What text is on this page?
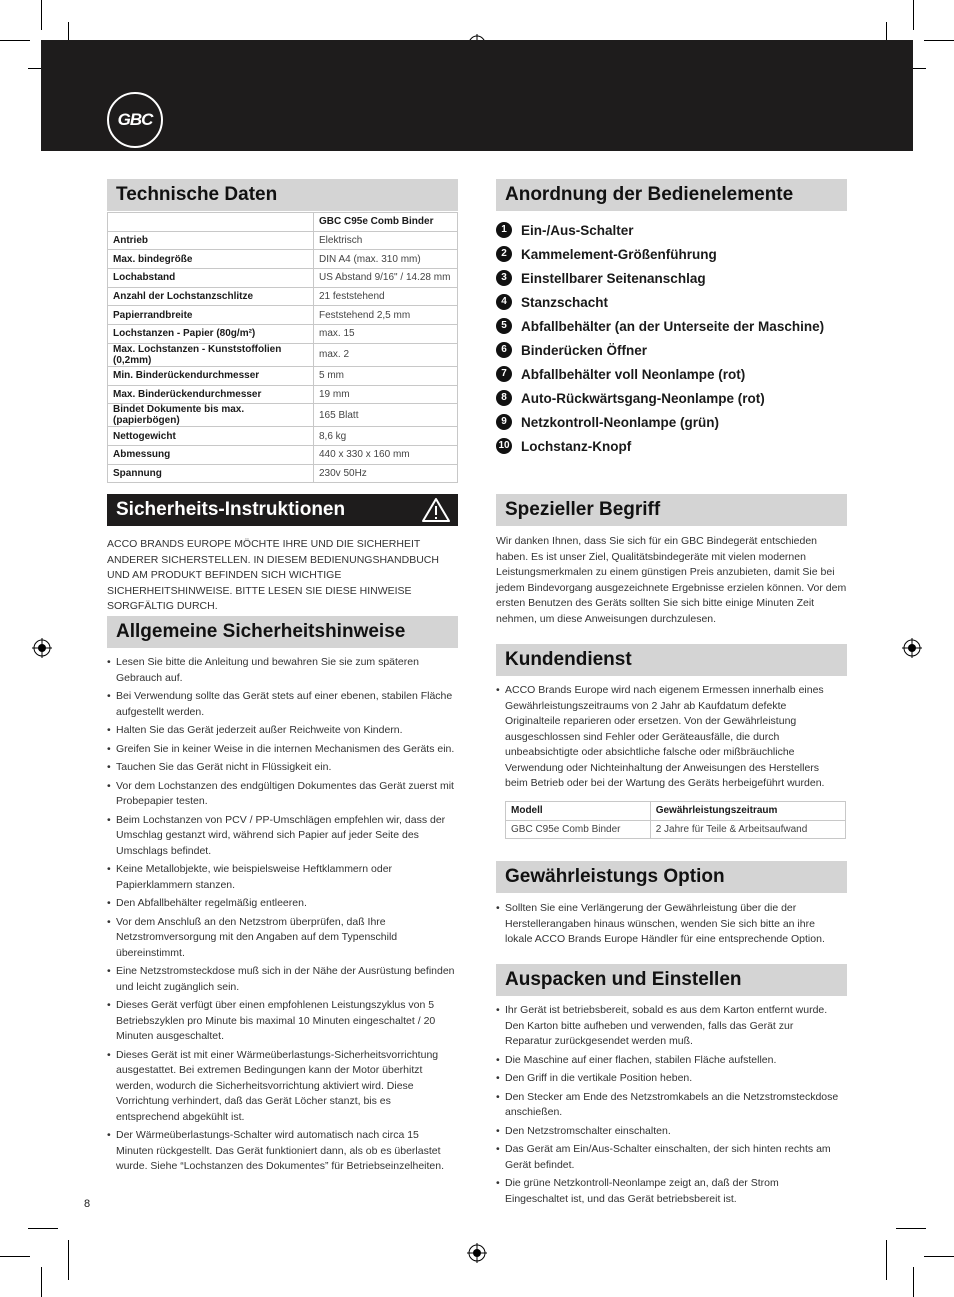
GBC
Technische Daten
	GBC C95e Comb Binder
Antrieb	Elektrisch
Max. bindegröße	DIN A4 (max. 310 mm)
Lochabstand	US Abstand 9/16" / 14.28 mm
Anzahl der Lochstanzschlitze	21 feststehend
Papierrandbreite	Feststehend 2,5 mm
Lochstanzen - Papier (80g/m²)	max. 15
Max. Lochstanzen - Kunststoffolien (0,2mm)	max. 2
Min. Binderückendurchmesser	5 mm
Max. Binderückendurchmesser	19 mm
Bindet Dokumente bis max. (papierbögen)	165 Blatt
Nettogewicht	8,6 kg
Abmessung	440 x 330 x 160 mm
Spannung	230v 50Hz
Anordnung der Bedienelemente
1	Ein-/Aus-Schalter
2	Kammelement-Größenführung
3	Einstellbarer Seitenanschlag
4	Stanzschacht
5	Abfallbehälter (an der Unterseite der Maschine)
6	Binderücken Öffner
7	Abfallbehälter voll Neonlampe (rot)
8	Auto-Rückwärtsgang-Neonlampe (rot)
9	Netzkontroll-Neonlampe (grün)
10 Lochstanz-Knopf
Sicherheits-Instruktionen
ACCO BRANDS EUROPE MÖCHTE IHRE UND DIE SICHERHEIT ANDERER SICHERSTELLEN. IN DIESEM BEDIENUNGSHANDBUCH UND AM PRODUKT BEFINDEN SICH WICHTIGE SICHERHEITSHINWEISE. BITTE LESEN SIE DIESE HINWEISE SORGFÄLTIG DURCH.
Allgemeine Sicherheitshinweise
• Lesen Sie bitte die Anleitung und bewahren Sie sie zum späteren Gebrauch auf.
• Bei Verwendung sollte das Gerät stets auf einer ebenen, stabilen Fläche aufgestellt werden.
• Halten Sie das Gerät jederzeit außer Reichweite von Kindern.
• Greifen Sie in keiner Weise in die internen Mechanismen des Geräts ein.
• Tauchen Sie das Gerät nicht in Flüssigkeit ein.
• Vor dem Lochstanzen des endgültigen Dokumentes das Gerät zuerst mit Probepapier testen.
• Beim Lochstanzen von PCV / PP-Umschlägen empfehlen wir, dass der Umschlag gestanzt wird, während sich Papier auf jeder Seite des Umschlags befindet.
• Keine Metallobjekte, wie beispielsweise Heftklammern oder Papierklammern stanzen.
• Den Abfallbehälter regelmäßig entleeren.
• Vor dem Anschluß an den Netzstrom überprüfen, daß Ihre Netzstromversorgung mit den Angaben auf dem Typenschild übereinstimmt.
• Eine Netzstromsteckdose muß sich in der Nähe der Ausrüstung befinden und leicht zugänglich sein.
• Dieses Gerät verfügt über einen empfohlenen Leistungszyklus von 5 Betriebszyklen pro Minute bis maximal 10 Minuten eingeschaltet / 20 Minuten ausgeschaltet.
• Dieses Gerät ist mit einer Wärmeüberlastungs-Sicherheitsvorrichtung ausgestattet. Bei extremen Bedingungen kann der Motor überhitzt werden, wodurch die Sicherheitsvorrichtung aktiviert wird. Diese Vorrichtung verhindert, daß das Gerät Löcher stanzt, bis es entsprechend abgekühlt ist.
• Der Wärmeüberlastungs-Schalter wird automatisch nach circa 15 Minuten rückgestellt. Das Gerät funktioniert dann, als ob es überlastet wurde. Siehe “Lochstanzen des Dokumentes” für Betriebseinzelheiten.
Spezieller Begriff
Wir danken Ihnen, dass Sie sich für ein GBC Bindegerät entschieden haben. Es ist unser Ziel, Qualitätsbindegeräte mit vielen modernen Leistungsmerkmalen zu einem günstigen Preis anzubieten, damit Sie bei jedem Bindevorgang ausgezeichnete Ergebnisse erzielen können. Vor dem ersten Benutzen des Geräts sollten Sie sich bitte einige Minuten Zeit nehmen, um diese Anweisungen durchzulesen.
Kundendienst
• ACCO Brands Europe wird nach eigenem Ermessen innerhalb eines Gewährleistungszeitraums von 2 Jahr ab Kaufdatum defekte Originalteile reparieren oder ersetzen. Von der Gewährleistung ausgeschlossen sind Fehler oder Geräteausfälle, die durch unbeabsichtigte oder absichtliche falsche oder mißbräuchliche Verwendung oder Nichteinhaltung der Anweisungen des Herstellers beim Betrieb oder bei der Wartung des Geräts herbeigeführt wurden.
Modell	Gewährleistungszeitraum
GBC C95e Comb Binder	2 Jahre für Teile & Arbeitsaufwand
Gewährleistungs Option
• Sollten Sie eine Verlängerung der Gewährleistung über die der Herstellerangaben hinaus wünschen, wenden Sie sich bitte an ihre lokale ACCO Brands Europe Händler für eine entsprechende Option.
Auspacken und Einstellen
• Ihr Gerät ist betriebsbereit, sobald es aus dem Karton entfernt wurde. Den Karton bitte aufheben und verwenden, falls das Gerät zur Reparatur zurückgesendet werden muß.
• Die Maschine auf einer flachen, stabilen Fläche aufstellen.
• Den Griff in die vertikale Position heben.
• Den Stecker am Ende des Netzstromkabels an die Netzstromsteckdose anschießen.
• Den Netzstromschalter einschalten.
• Das Gerät am Ein/Aus-Schalter einschalten, der sich hinten rechts am Gerät befindet.
• Die grüne Netzkontroll-Neonlampe zeigt an, daß der Strom Eingeschaltet ist, und das Gerät betriebsbereit ist.
8
